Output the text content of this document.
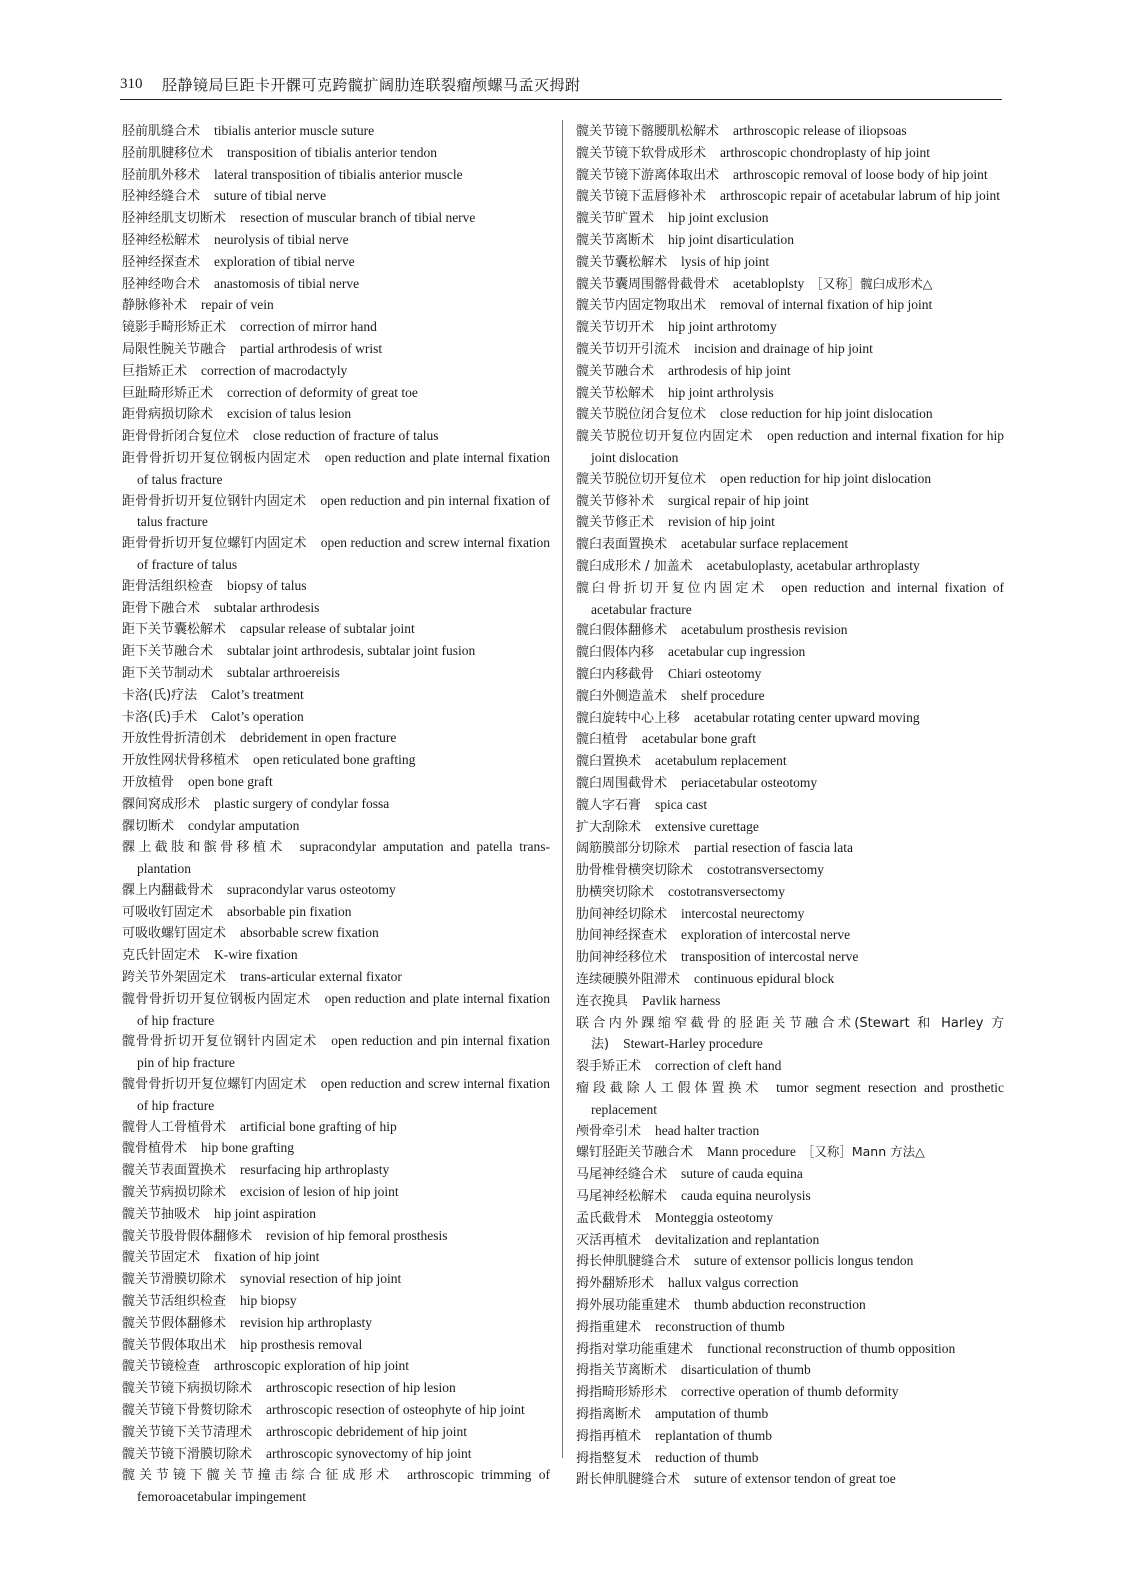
310 胫静镜局巨距卡开髁可克跨髋扩阔肋连联裂瘤颅螺马孟灭拇跗

胫前肌缝合术 tibialis anterior muscle suture

胫前肌腱移位术 transposition of tibialis anterior tendon

胫前肌外移术 lateral transposition of tibialis anterior muscle

胫神经缝合术 suture of tibial nerve

胫神经肌支切断术 resection of muscular branch of tibial nerve

胫神经松解术 neurolysis of tibial nerve

胫神经探查术 exploration of tibial nerve

胫神经吻合术 anastomosis of tibial nerve

静脉修补术 repair of vein

镜影手畸形矫正术 correction of mirror hand

局限性腕关节融合 partial arthrodesis of wrist

巨指矫正术 correction of macrodactyly

巨趾畸形矫正术 correction of deformity of great toe

距骨病损切除术 excision of talus lesion

距骨骨折闭合复位术 close reduction of fracture of talus

距骨骨折切开复位钢板内固定术 open reduction and plate internal fixation of talus fracture

距骨骨折切开复位钢针内固定术 open reduction and pin internal fixation of talus fracture

距骨骨折切开复位螺钉内固定术 open reduction and screw internal fixation of fracture of talus

距骨活组织检查 biopsy of talus

距骨下融合术 subtalar arthrodesis

距下关节囊松解术 capsular release of subtalar joint

距下关节融合术 subtalar joint arthrodesis, subtalar joint fusion

距下关节制动术 subtalar arthroereisis

卡洛(氏)疗法 Calot’s treatment

卡洛(氏)手术 Calot’s operation

开放性骨折清创术 debridement in open fracture

开放性网状骨移植术 open reticulated bone grafting

开放植骨 open bone graft

髁间窝成形术 plastic surgery of condylar fossa

髁切断术 condylar amputation

髁上截肢和髌骨移植术 supracondylar amputation and patella trans-plantation

髁上内翻截骨术 supracondylar varus osteotomy

可吸收钉固定术 absorbable pin fixation

可吸收螺钉固定术 absorbable screw fixation

克氏针固定术 K-wire fixation

跨关节外架固定术 trans-articular external fixator

髋骨骨折切开复位钢板内固定术 open reduction and plate internal fixation of hip fracture

髋骨骨折切开复位钢针内固定术 open reduction and pin internal fixation pin of hip fracture

髋骨骨折切开复位螺钉内固定术 open reduction and screw internal fixation of hip fracture

髋骨人工骨植骨术 artificial bone grafting of hip

髋骨植骨术 hip bone grafting

髋关节表面置换术 resurfacing hip arthroplasty

髋关节病损切除术 excision of lesion of hip joint

髋关节抽吸术 hip joint aspiration

髋关节股骨假体翻修术 revision of hip femoral prosthesis

髋关节固定术 fixation of hip joint

髋关节滑膜切除术 synovial resection of hip joint

髋关节活组织检查 hip biopsy

髋关节假体翻修术 revision hip arthroplasty

髋关节假体取出术 hip prosthesis removal

髋关节镜检查 arthroscopic exploration of hip joint

髋关节镜下病损切除术 arthroscopic resection of hip lesion

髋关节镜下骨赘切除术 arthroscopic resection of osteophyte of hip joint

髋关节镜下关节清理术 arthroscopic debridement of hip joint

髋关节镜下滑膜切除术 arthroscopic synovectomy of hip joint

髋关节镜下髋关节撞击综合征成形术 arthroscopic trimming of femoroacetabular impingement

髋关节镜下髂腰肌松解术 arthroscopic release of iliopsoas

髋关节镜下软骨成形术 arthroscopic chondroplasty of hip joint

髋关节镜下游离体取出术 arthroscopic removal of loose body of hip joint

髋关节镜下盂唇修补术 arthroscopic repair of acetabular labrum of hip joint

髋关节旷置术 hip joint exclusion

髋关节离断术 hip joint disarticulation

髋关节囊松解术 lysis of hip joint

髋关节囊周围髂骨截骨术 acetabloplsty ［又称］髋臼成形术△

髋关节内固定物取出术 removal of internal fixation of hip joint

髋关节切开术 hip joint arthrotomy

髋关节切开引流术 incision and drainage of hip joint

髋关节融合术 arthrodesis of hip joint

髋关节松解术 hip joint arthrolysis

髋关节脱位闭合复位术 close reduction for hip joint dislocation

髋关节脱位切开复位内固定术 open reduction and internal fixation for hip joint dislocation

髋关节脱位切开复位术 open reduction for hip joint dislocation

髋关节修补术 surgical repair of hip joint

髋关节修正术 revision of hip joint

髋臼表面置换术 acetabular surface replacement

髋臼成形术 / 加盖术 acetabuloplasty, acetabular arthroplasty

髋臼骨折切开复位内固定术 open reduction and internal fixation of acetabular fracture

髋臼假体翻修术 acetabulum prosthesis revision

髋臼假体内移 acetabular cup ingression

髋臼内移截骨 Chiari osteotomy

髋臼外侧造盖术 shelf procedure

髋臼旋转中心上移 acetabular rotating center upward moving

髋臼植骨 acetabular bone graft

髋臼置换术 acetabulum replacement

髋臼周围截骨术 periacetabular osteotomy

髋人字石膏 spica cast

扩大刮除术 extensive curettage

阔筋膜部分切除术 partial resection of fascia lata

肋骨椎骨横突切除术 costotransversectomy

肋横突切除术 costotransversectomy

肋间神经切除术 intercostal neurectomy

肋间神经探查术 exploration of intercostal nerve

肋间神经移位术 transposition of intercostal nerve

连续硬膜外阻滞术 continuous epidural block

连衣挽具 Pavlik harness

联合内外踝缩窄截骨的胫距关节融合术(Stewart 和 Harley 方法) Stewart-Harley procedure

裂手矫正术 correction of cleft hand

瘤段截除人工假体置换术 tumor segment resection and prosthetic replacement

颅骨牵引术 head halter traction

螺钉胫距关节融合术 Mann procedure ［又称］Mann 方法△

马尾神经缝合术 suture of cauda equina

马尾神经松解术 cauda equina neurolysis

孟氏截骨术 Monteggia osteotomy

灭活再植术 devitalization and replantation

拇长伸肌腱缝合术 suture of extensor pollicis longus tendon

拇外翻矫形术 hallux valgus correction

拇外展功能重建术 thumb abduction reconstruction

拇指重建术 reconstruction of thumb

拇指对掌功能重建术 functional reconstruction of thumb opposition

拇指关节离断术 disarticulation of thumb

拇指畸形矫形术 corrective operation of thumb deformity

拇指离断术 amputation of thumb

拇指再植术 replantation of thumb

拇指整复术 reduction of thumb

跗长伸肌腱缝合术 suture of extensor tendon of great toe
